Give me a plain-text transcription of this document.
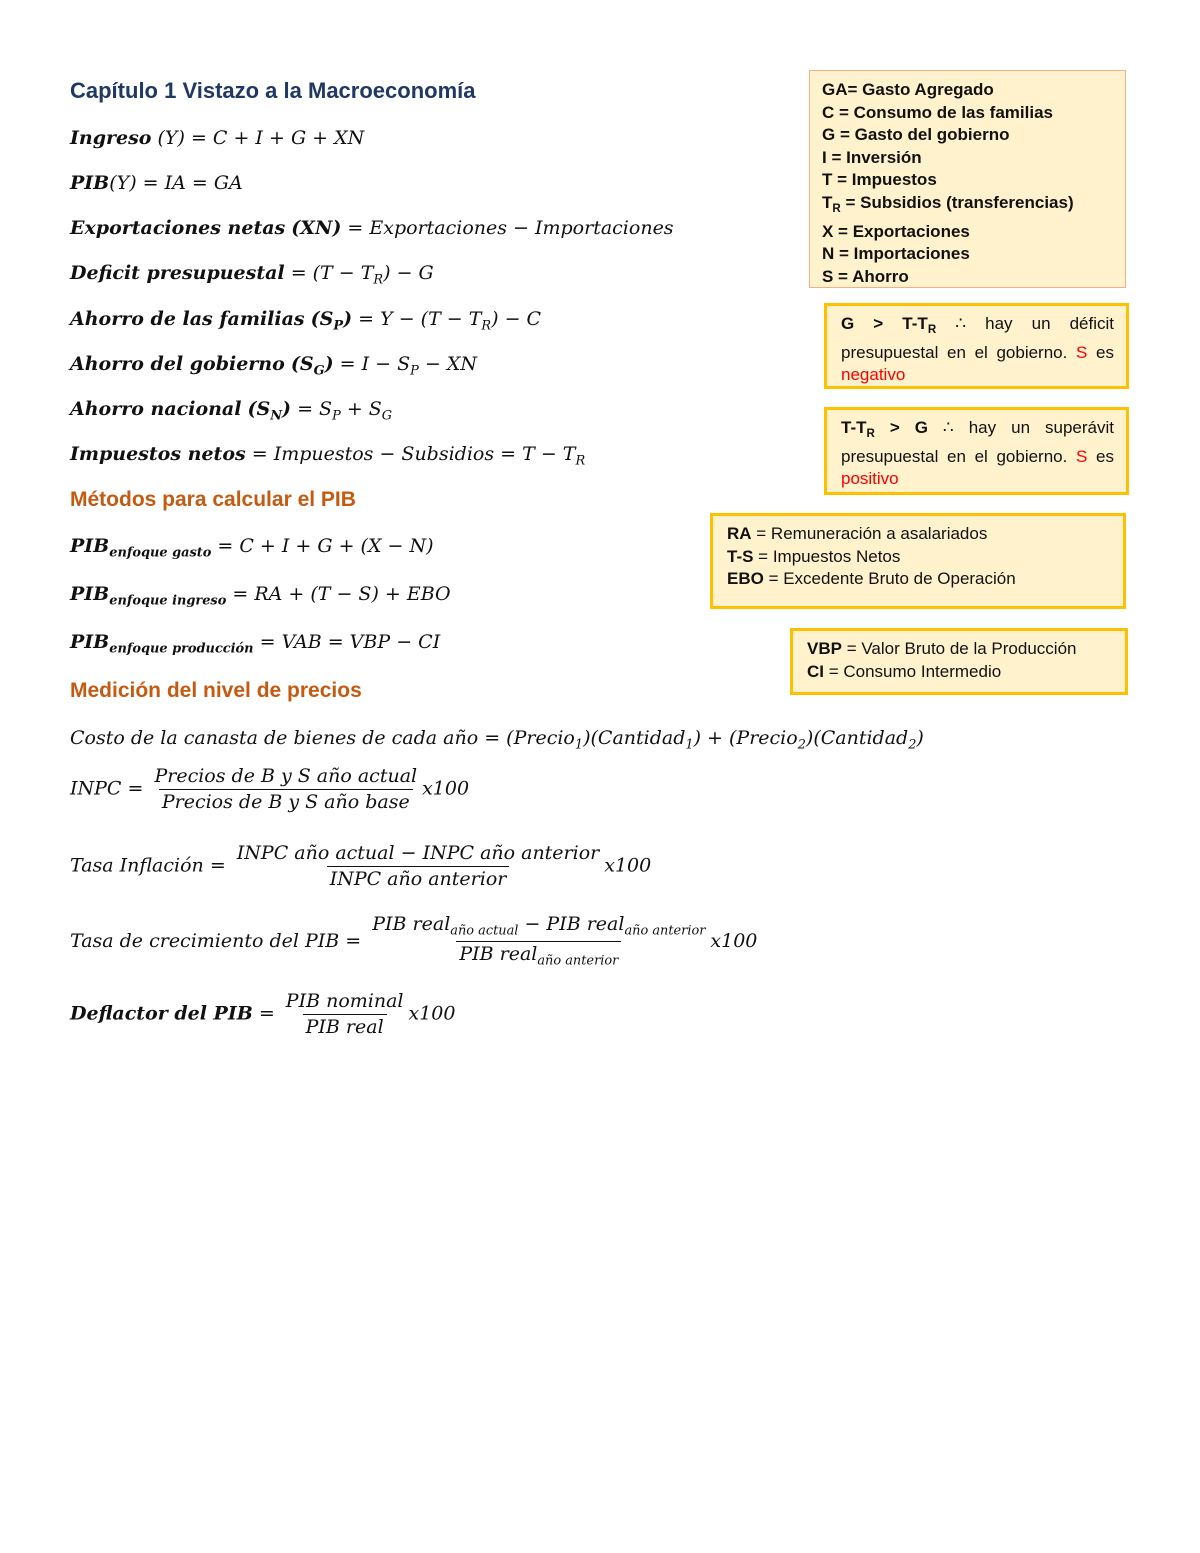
Capítulo 1 Vistazo a la Macroeconomía
Ingreso (Y) = C + I + G + XN
PIB(Y) = IA = GA
Exportaciones netas (XN) = Exportaciones − Importaciones
Deficit presupuestal = $(T - T_R) - G$
Ahorro de las familias $(S_P) = Y - (T - T_R) - C$
Ahorro del gobierno $(S_G) = I - S_P$ − XN
Ahorro nacional $(S_N) = S_P + S_G$
Impuestos netos = Impuestos − Subsidios = $T - T_R$
Métodos para calcular el PIB
$PIB_{enfoque gasto} = C + I + G + (X - N)$
$PIB_{enfoque ingreso}$ = RA + (T − S) + EBO
$PIB_{enfoque producción}$ = VAB = VBP − CI
Medición del nivel de precios
Costo de la canasta de bienes de cada año = (Precio$_1$)(Cantidad$_1$) + (Precio$_2$)(Cantidad$_2$)
INPC = $\frac{\text{Precios de B y S año actual}}{\text{Precios de B y S año base}} x100$
Tasa Inflación = $\frac{\text{INPC año actual − INPC año anterior}}{\text{INPC año anterior}} x100$
Tasa de crecimiento del PIB = $\frac{PIB real_{año actual} - PIB real_{año anterior}}{PIB real_{año anterior}} x100$
Deflactor del PIB = $\frac{\text{PIB nominal}}{\text{PIB real}} x100$
GA= Gasto Agregado
C = Consumo de las familias
G = Gasto del gobierno
I = Inversión
T = Impuestos
$T_R$ = Subsidios (transferencias)
X = Exportaciones
N = Importaciones
S = Ahorro
$G > T-T_R$ ∴ hay un déficit presupuestal en el gobierno. S es negativo
$T-T_R > G$ ∴ hay un superávit presupuestal en el gobierno. S es positivo
RA = Remuneración a asalariados
T-S = Impuestos Netos
EBO = Excedente Bruto de Operación
VBP = Valor Bruto de la Producción
CI = Consumo Intermedio
